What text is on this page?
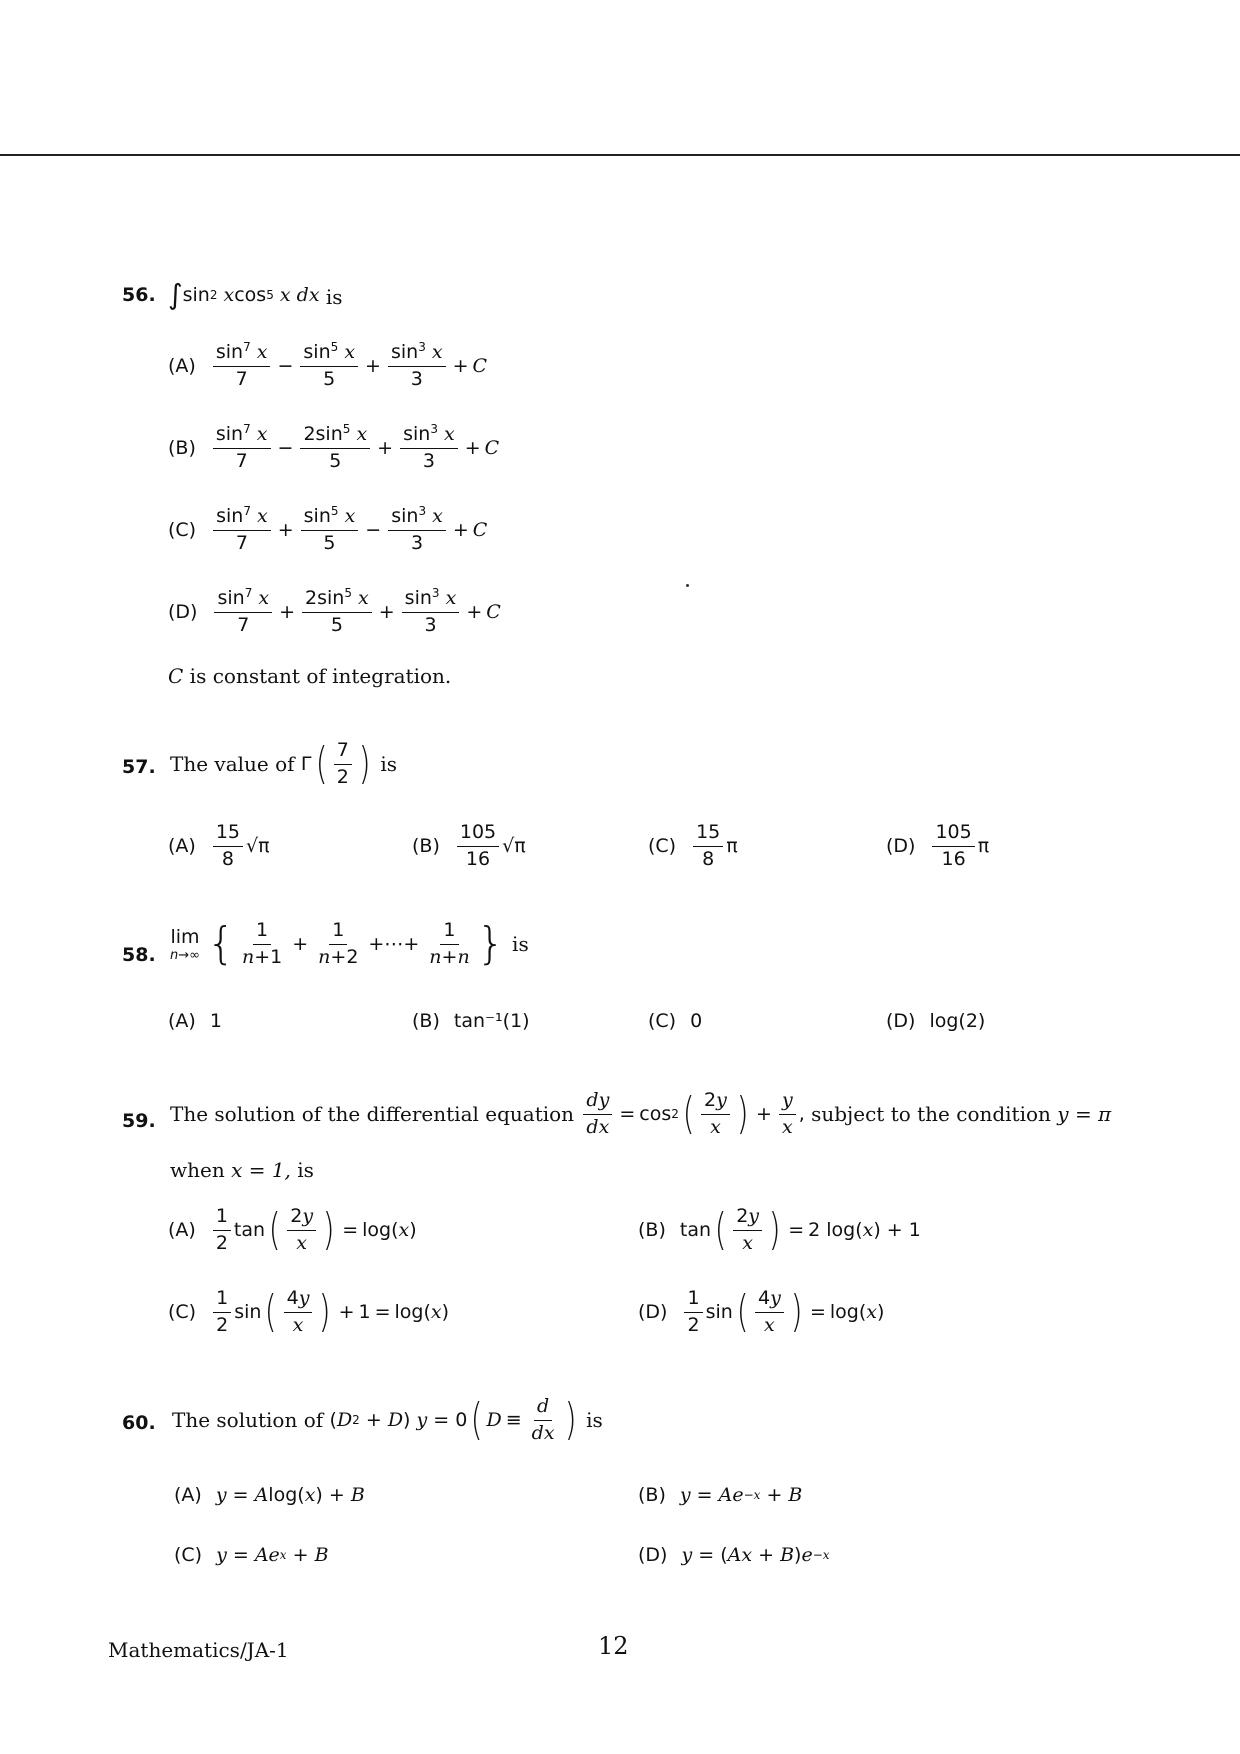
56. ∫ sin 2
x cos 5
x dx is
$(A) \frac{\sin^7 x}{7} - \frac{\sin^5 x}{5} + \frac{\sin^3 x}{3} + C$
$(B) \frac{\sin^7 x}{7} - \frac{2\sin^5 x}{5} + \frac{\sin^3 x}{3} + C$
$(C) \frac{\sin^7 x}{7} + \frac{\sin^5 x}{5} - \frac{\sin^3 x}{3} + C$
$(D) \frac{\sin^7 x}{7} + \frac{2\sin^5 x}{5} + \frac{\sin^3 x}{3} + C$
C is constant of integration.
57. The value of
Γ ( $\frac{7}{2}$ )
is
$(A) \frac{15}{8} √\pi$	$(B) \frac{105}{16} √\pi$	$(C) \frac{15}{8}$ π	$(D) \frac{105}{16}$ π
58.
lim
n→∞ { $\frac{1}{n+1} + \frac{1}{n+2}$ +⋯+ $\frac{1}{n+n}$ }
is
(A) 1	(B) tan⁻¹(1)	(C) 0	(D) log(2)
59. The solution of the differential equation
$\frac{dy}{dx} = \cos 2$ ( $\frac{2y}{x}$ ) + $\frac{y}{x}$ ,
subject to the condition
y = π
when x = 1, is
$(A) \frac{1}{2}$ tan ( $\frac{2y}{x}$ ) = log( x )	(B) tan ( $\frac{2y}{x}$ ) = 2 log( x ) + 1
$(C) \frac{1}{2}$ sin ( $\frac{4y}{x}$ ) + 1 = log( x )	$(D) \frac{1}{2}$ sin ( $\frac{4y}{x}$ ) = log( x )
60. The solution of
( D 2 + D ) y = 0 ( $D \equiv \frac{d}{dx}$ )
is
(A) y = A log( x ) + B	(B) y = Ae −x + B
(C) y = Ae x + B	(D) y = ( Ax + B ) e −x
Mathematics/JA-1	12
